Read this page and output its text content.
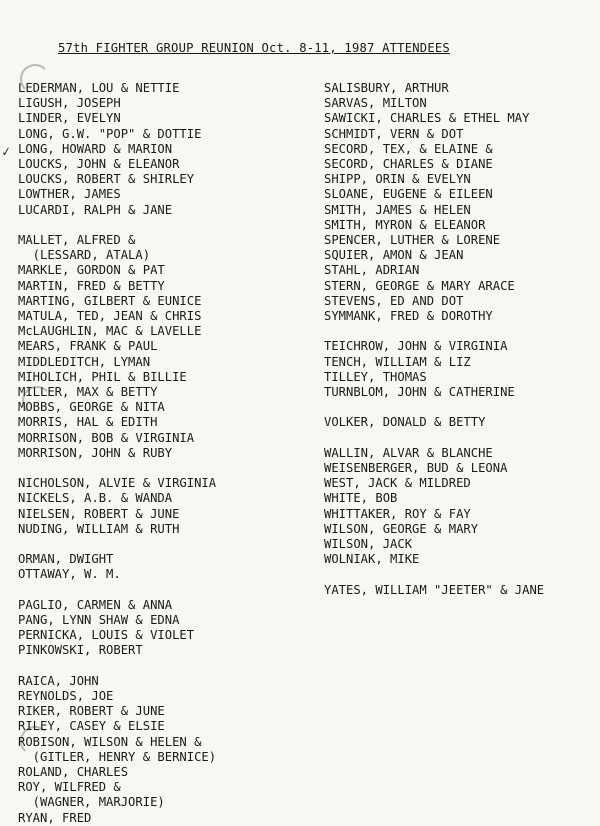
57th FIGHTER GROUP REUNION Oct. 8-11, 1987 ATTENDEES
✓
LEDERMAN, LOU & NETTIE
LIGUSH, JOSEPH
LINDER, EVELYN
LONG, G.W. "POP" & DOTTIE
LONG, HOWARD & MARION
LOUCKS, JOHN & ELEANOR
LOUCKS, ROBERT & SHIRLEY
LOWTHER, JAMES
LUCARDI, RALPH & JANE
MALLET, ALFRED &
(LESSARD, ATALA)
MARKLE, GORDON & PAT
MARTIN, FRED & BETTY
MARTING, GILBERT & EUNICE
MATULA, TED, JEAN & CHRIS
McLAUGHLIN, MAC & LAVELLE
MEARS, FRANK & PAUL
MIDDLEDITCH, LYMAN
MIHOLICH, PHIL & BILLIE
MILLER, MAX & BETTY
MOBBS, GEORGE & NITA
MORRIS, HAL & EDITH
MORRISON, BOB & VIRGINIA
MORRISON, JOHN & RUBY
NICHOLSON, ALVIE & VIRGINIA
NICKELS, A.B. & WANDA
NIELSEN, ROBERT & JUNE
NUDING, WILLIAM & RUTH
ORMAN, DWIGHT
OTTAWAY, W. M.
PAGLIO, CARMEN & ANNA
PANG, LYNN SHAW & EDNA
PERNICKA, LOUIS & VIOLET
PINKOWSKI, ROBERT
RAICA, JOHN
REYNOLDS, JOE
RIKER, ROBERT & JUNE
RILEY, CASEY & ELSIE
ROBISON, WILSON & HELEN &
(GITLER, HENRY & BERNICE)
ROLAND, CHARLES
ROY, WILFRED &
(WAGNER, MARJORIE)
RYAN, FRED
SALISBURY, ARTHUR
SARVAS, MILTON
SAWICKI, CHARLES & ETHEL MAY
SCHMIDT, VERN & DOT
SECORD, TEX, & ELAINE &
SECORD, CHARLES & DIANE
SHIPP, ORIN & EVELYN
SLOANE, EUGENE & EILEEN
SMITH, JAMES & HELEN
SMITH, MYRON & ELEANOR
SPENCER, LUTHER & LORENE
SQUIER, AMON & JEAN
STAHL, ADRIAN
STERN, GEORGE & MARY ARACE
STEVENS, ED AND DOT
SYMMANK, FRED & DOROTHY
TEICHROW, JOHN & VIRGINIA
TENCH, WILLIAM & LIZ
TILLEY, THOMAS
TURNBLOM, JOHN & CATHERINE
VOLKER, DONALD & BETTY
WALLIN, ALVAR & BLANCHE
WEISENBERGER, BUD & LEONA
WEST, JACK & MILDRED
WHITE, BOB
WHITTAKER, ROY & FAY
WILSON, GEORGE & MARY
WILSON, JACK
WOLNIAK, MIKE
YATES, WILLIAM "JEETER" & JANE
